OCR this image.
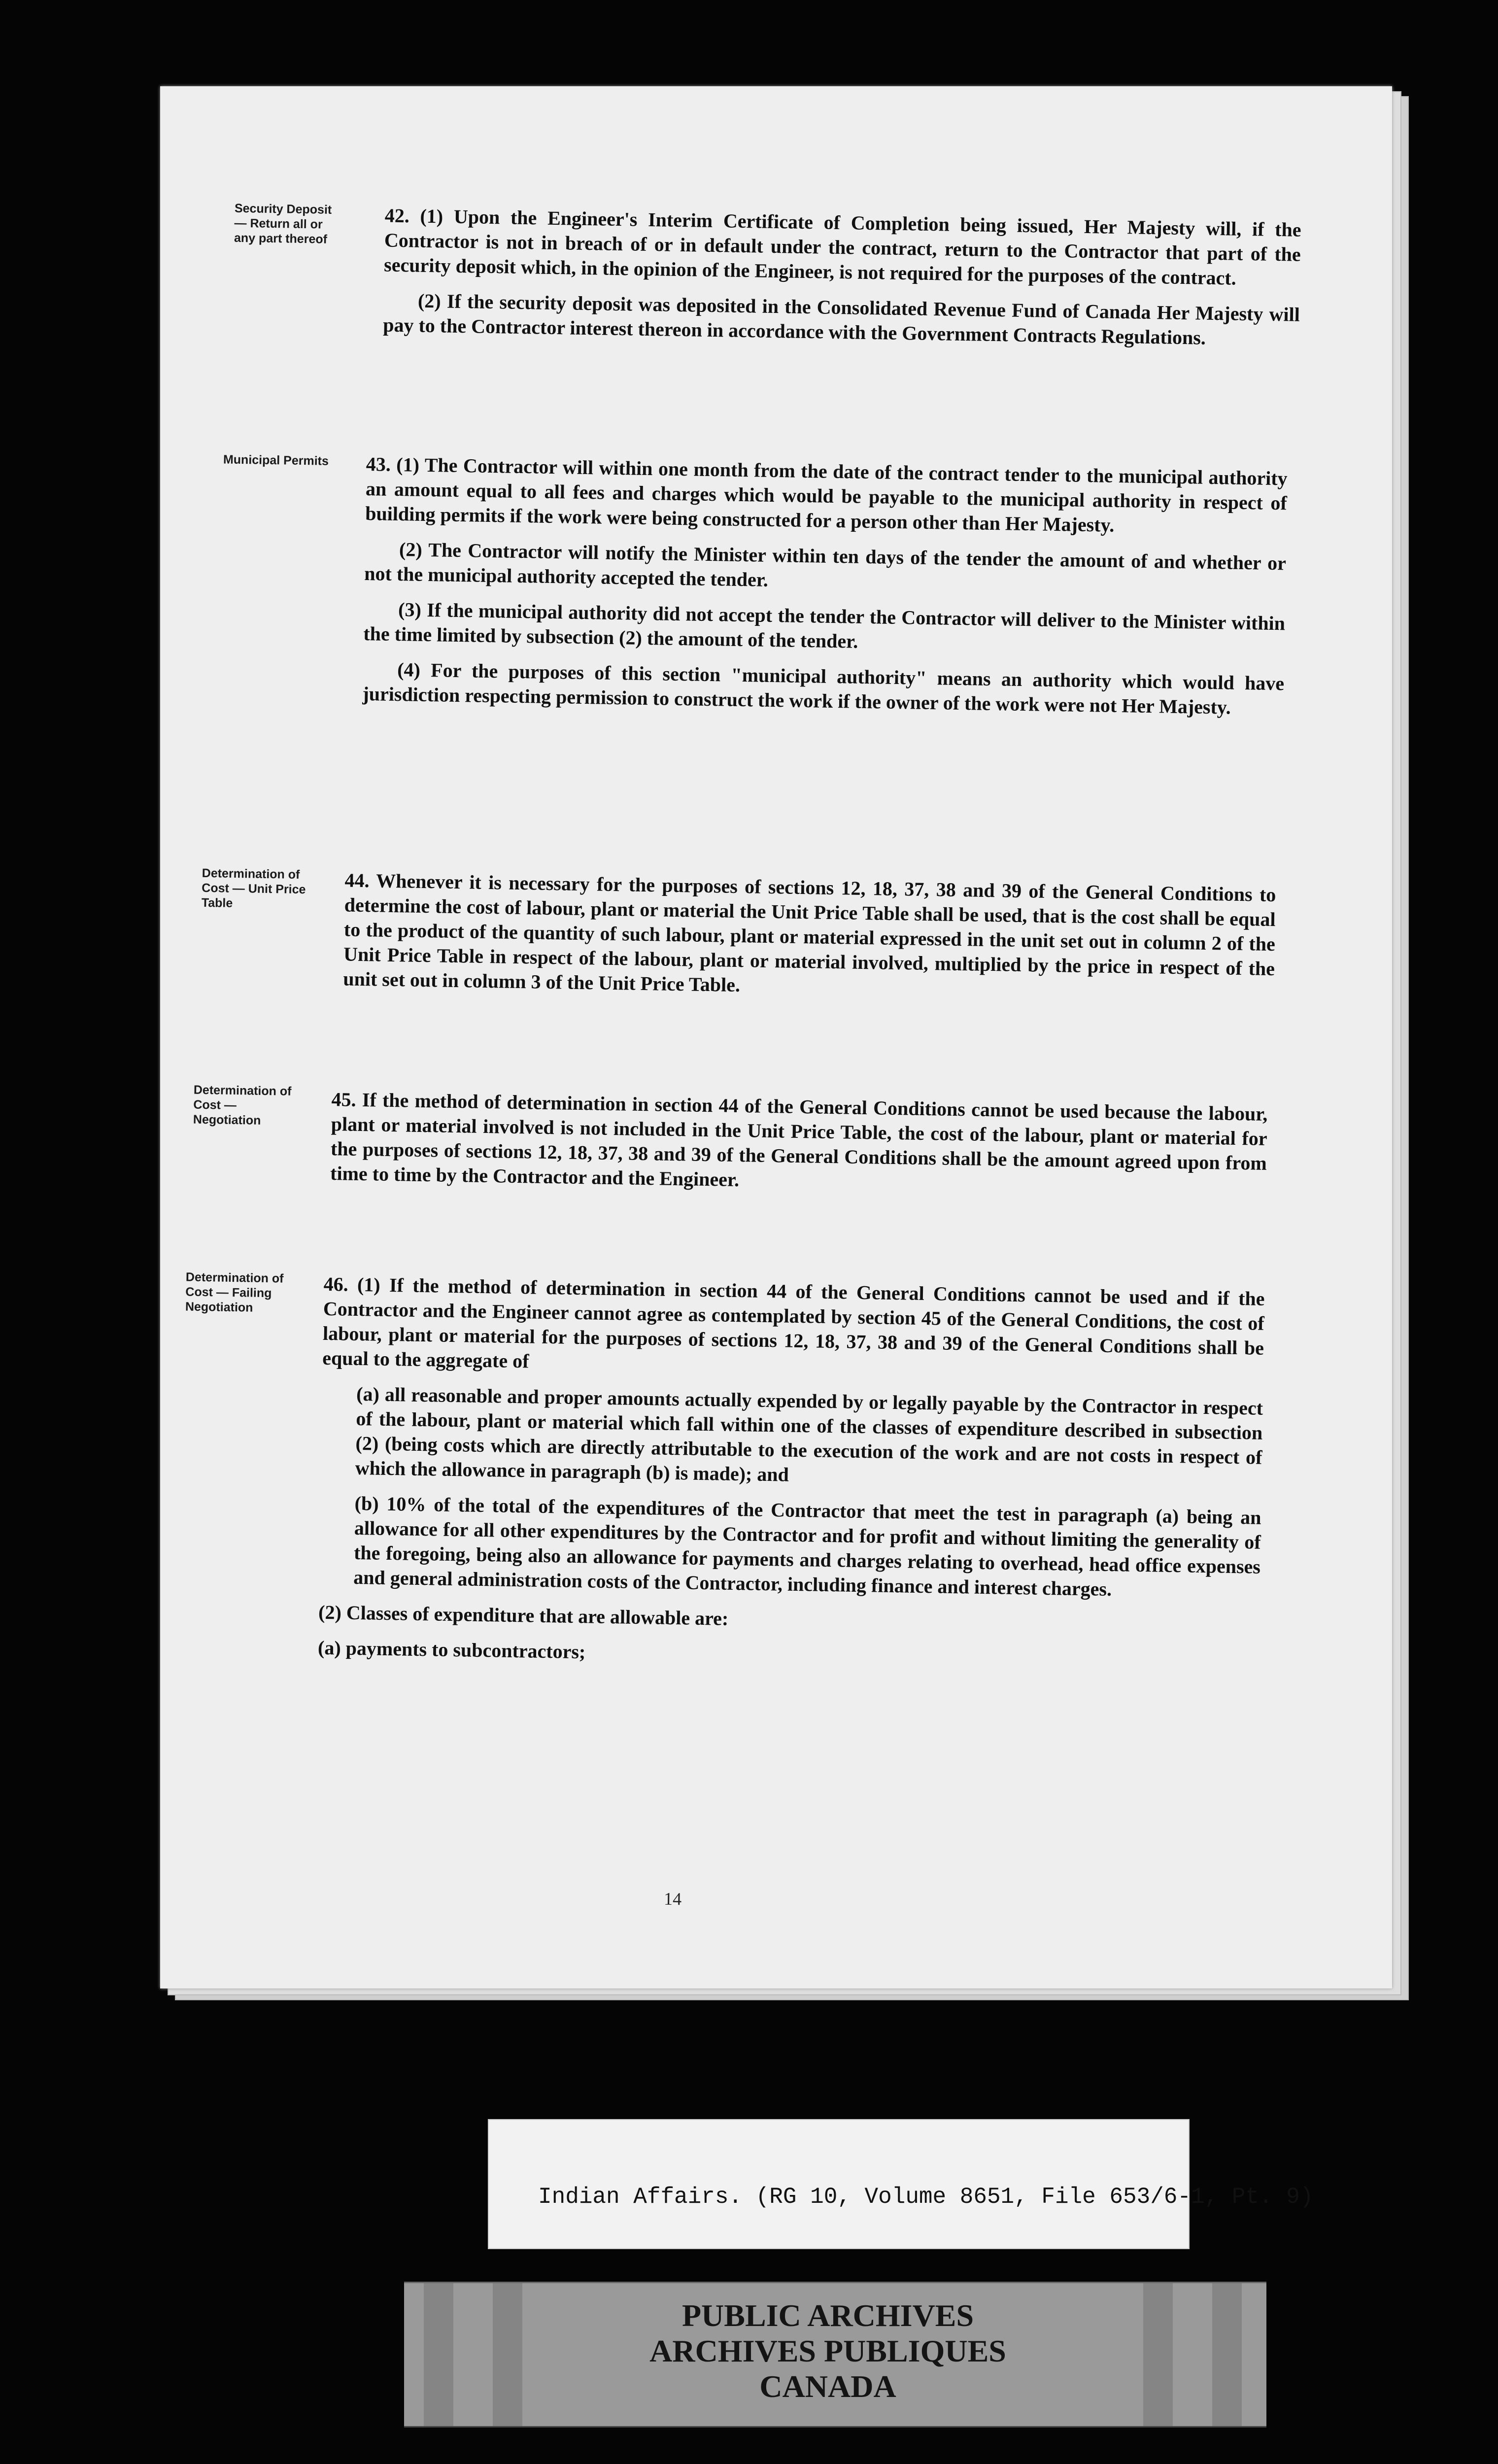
Security Deposit — Return all or any part thereof	42. (1) Upon the Engineer's Interim Certificate of Completion being issued, Her Majesty will, if the Contractor is not in breach of or in default under the contract, return to the Contractor that part of the security deposit which, in the opinion of the Engineer, is not required for the purposes of the contract.

(2) If the security deposit was deposited in the Consolidated Revenue Fund of Canada Her Majesty will pay to the Contractor interest thereon in accordance with the Government Contracts Regulations.

Municipal Permits	43. (1) The Contractor will within one month from the date of the contract tender to the municipal authority an amount equal to all fees and charges which would be payable to the municipal authority in respect of building permits if the work were being constructed for a person other than Her Majesty.

(2) The Contractor will notify the Minister within ten days of the tender the amount of and whether or not the municipal authority accepted the tender.

(3) If the municipal authority did not accept the tender the Contractor will deliver to the Minister within the time limited by subsection (2) the amount of the tender.

(4) For the purposes of this section "municipal authority" means an authority which would have jurisdiction respecting permission to construct the work if the owner of the work were not Her Majesty.

Determination of Cost — Unit Price Table	44. Whenever it is necessary for the purposes of sections 12, 18, 37, 38 and 39 of the General Conditions to determine the cost of labour, plant or material the Unit Price Table shall be used, that is the cost shall be equal to the product of the quantity of such labour, plant or material expressed in the unit set out in column 2 of the Unit Price Table in respect of the labour, plant or material involved, multiplied by the price in respect of the unit set out in column 3 of the Unit Price Table.

Determination of Cost — Negotiation	45. If the method of determination in section 44 of the General Conditions cannot be used because the labour, plant or material involved is not included in the Unit Price Table, the cost of the labour, plant or material for the purposes of sections 12, 18, 37, 38 and 39 of the General Conditions shall be the amount agreed upon from time to time by the Contractor and the Engineer.

Determination of Cost — Failing Negotiation	46. (1) If the method of determination in section 44 of the General Conditions cannot be used and if the Contractor and the Engineer cannot agree as contemplated by section 45 of the General Conditions, the cost of labour, plant or material for the purposes of sections 12, 18, 37, 38 and 39 of the General Conditions shall be equal to the aggregate of

(a) all reasonable and proper amounts actually expended by or legally payable by the Contractor in respect of the labour, plant or material which fall within one of the classes of expenditure described in subsection (2) (being costs which are directly attributable to the execution of the work and are not costs in respect of which the allowance in paragraph (b) is made); and

(b) 10% of the total of the expenditures of the Contractor that meet the test in paragraph (a) being an allowance for all other expenditures by the Contractor and for profit and without limiting the generality of the foregoing, being also an allowance for payments and charges relating to overhead, head office expenses and general administration costs of the Contractor, including finance and interest charges.

(2) Classes of expenditure that are allowable are:

(a) payments to subcontractors;

14
Indian Affairs. (RG 10, Volume 8651, File 653/6-1, Pt. 9)
PUBLIC ARCHIVES
ARCHIVES PUBLIQUES
CANADA
